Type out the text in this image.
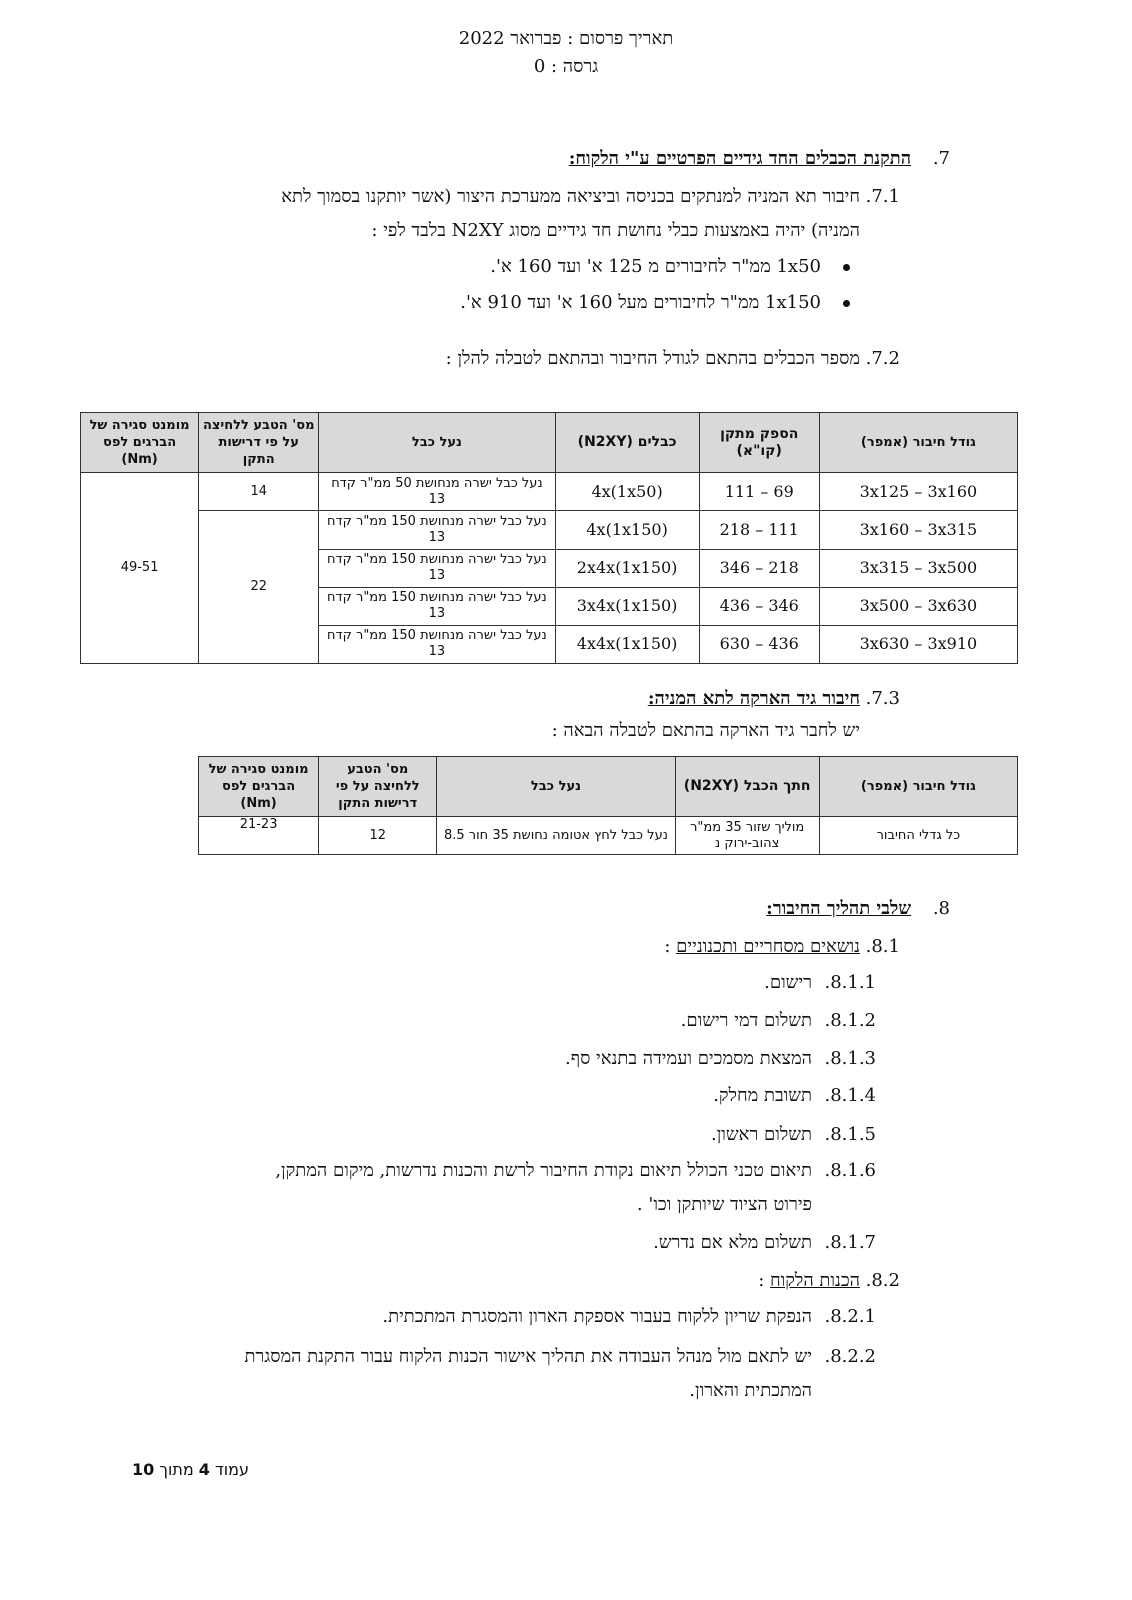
תאריך פרסום : פברואר 2022
גרסה : 0
7. התקנת הכבלים החד גידיים הפרטיים ע"י הלקוח:
7.1.
חיבור תא המניה למנתקים בכניסה וביציאה ממערכת היצור (אשר יותקנו בסמוך לתא
המניה) יהיה באמצעות כבלי נחושת חד גידיים מסוג N2XY בלבד לפי :
1x50 ממ"ר לחיבורים מ 125 א' ועד 160 א'.
1x150 ממ"ר לחיבורים מעל 160 א' ועד 910 א'.
7.2.
מספר הכבלים בהתאם לגודל החיבור ובהתאם לטבלה להלן :
גודל חיבור (אמפר)	הספק מתקן (קו"א)	כבלים (N2XY)	נעל כבל	מס' הטבע ללחיצה על פי דרישות התקן	מומנט סגירה של הברגים לפס (Nm)
3x125 – 3x160	69 – 111	4x(1x50)	נעל כבל ישרה מנחושת 50 ממ"ר קדח 13	14	49-51
3x160 – 3x315	111 – 218	4x(1x150)	נעל כבל ישרה מנחושת 150 ממ"ר קדח 13	22	
3x315 – 3x500	218 – 346	2x4x(1x150)	נעל כבל ישרה מנחושת 150 ממ"ר קדח 13		
3x500 – 3x630	346 – 436	3x4x(1x150)	נעל כבל ישרה מנחושת 150 ממ"ר קדח 13		
3x630 – 3x910	436 – 630	4x4x(1x150)	נעל כבל ישרה מנחושת 150 ממ"ר קדח 13		
7.3.
חיבור גיד הארקה לתא המניה:
יש לחבר גיד הארקה בהתאם לטבלה הבאה :
גודל חיבור (אמפר)	חתך הכבל (N2XY)	נעל כבל	מס' הטבע ללחיצה על פי דרישות התקן	מומנט סגירה של הברגים לפס (Nm)
כל גדלי החיבור	מוליך שזור 35 ממ"ר צהוב-ירוק נ	נעל כבל לחץ אטומה נחושת 35 חור 8.5	12	21-23
8. שלבי תהליך החיבור:
8.1.
נושאים מסחריים ותכנוניים :
8.1.1.
רישום.
8.1.2.
תשלום דמי רישום.
8.1.3.
המצאת מסמכים ועמידה בתנאי סף.
8.1.4.
תשובת מחלק.
8.1.5.
תשלום ראשון.
8.1.6.
תיאום טכני הכולל תיאום נקודת החיבור לרשת והכנות נדרשות, מיקום המתקן,
פירוט הציוד שיותקן וכו' .
8.1.7.
תשלום מלא אם נדרש.
8.2.
הכנות הלקוח :
8.2.1.
הנפקת שריון ללקוח בעבור אספקת הארון והמסגרת המתכתית.
8.2.2.
יש לתאם מול מנהל העבודה את תהליך אישור הכנות הלקוח עבור התקנת המסגרת
המתכתית והארון.
עמוד 4 מתוך 10
